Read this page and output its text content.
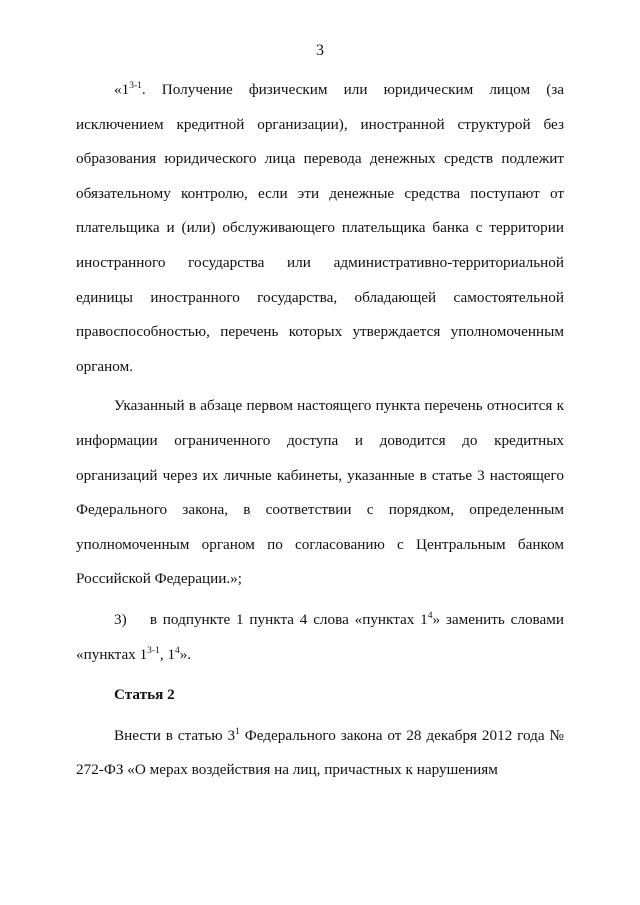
3

«1$^{3-1}$. Получение физическим или юридическим лицом (за исключением кредитной организации), иностранной структурой без образования юридического лица перевода денежных средств подлежит обязательному контролю, если эти денежные средства поступают от плательщика и (или) обслуживающего плательщика банка с территории иностранного государства или административно-территориальной единицы иностранного государства, обладающей самостоятельной правоспособностью, перечень которых утверждается уполномоченным органом.

Указанный в абзаце первом настоящего пункта перечень относится к информации ограниченного доступа и доводится до кредитных организаций через их личные кабинеты, указанные в статье 3 настоящего Федерального закона, в соответствии с порядком, определенным уполномоченным органом по согласованию с Центральным банком Российской Федерации.»;

3)    в подпункте 1 пункта 4 слова «пунктах $1^4$» заменить словами «пунктах 1$^{3-1}$, $1^4$».

Статья 2

Внести в статью $3^1$ Федерального закона от 28 декабря 2012 года № 272-ФЗ «О мерах воздействия на лиц, причастных к нарушениям
